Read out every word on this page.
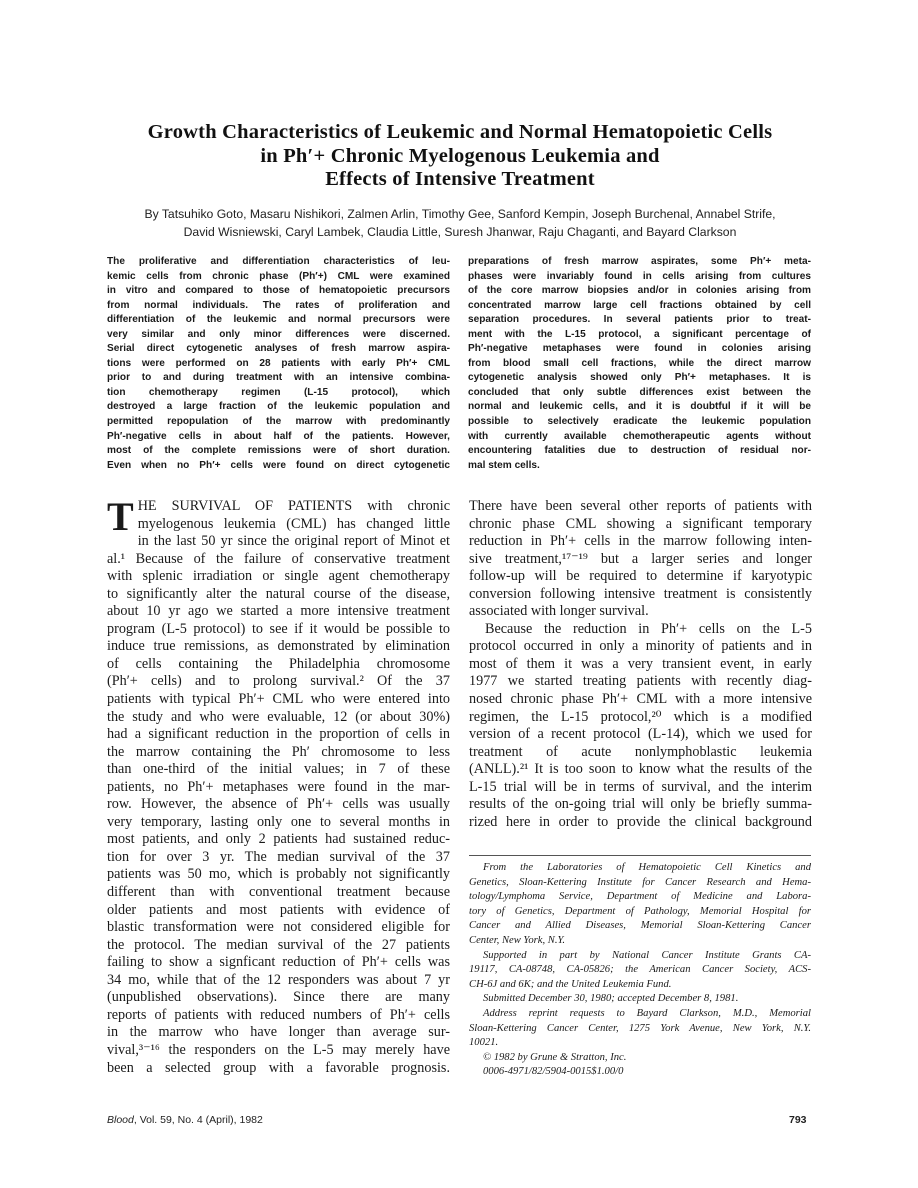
Growth Characteristics of Leukemic and Normal Hematopoietic Cells
in Ph′+ Chronic Myelogenous Leukemia and
Effects of Intensive Treatment
By Tatsuhiko Goto, Masaru Nishikori, Zalmen Arlin, Timothy Gee, Sanford Kempin, Joseph Burchenal, Annabel Strife,
David Wisniewski, Caryl Lambek, Claudia Little, Suresh Jhanwar, Raju Chaganti, and Bayard Clarkson
The proliferative and differentiation characteristics of leu-
kemic cells from chronic phase (Ph′+) CML were examined
in vitro and compared to those of hematopoietic precursors
from normal individuals. The rates of proliferation and
differentiation of the leukemic and normal precursors were
very similar and only minor differences were discerned.
Serial direct cytogenetic analyses of fresh marrow aspira-
tions were performed on 28 patients with early Ph′+ CML
prior to and during treatment with an intensive combina-
tion chemotherapy regimen (L-15 protocol), which
destroyed a large fraction of the leukemic population and
permitted repopulation of the marrow with predominantly
Ph′-negative cells in about half of the patients. However,
most of the complete remissions were of short duration.
Even when no Ph′+ cells were found on direct cytogenetic
preparations of fresh marrow aspirates, some Ph′+ meta-
phases were invariably found in cells arising from cultures
of the core marrow biopsies and/or in colonies arising from
concentrated marrow large cell fractions obtained by cell
separation procedures. In several patients prior to treat-
ment with the L-15 protocol, a significant percentage of
Ph′-negative metaphases were found in colonies arising
from blood small cell fractions, while the direct marrow
cytogenetic analysis showed only Ph′+ metaphases. It is
concluded that only subtle differences exist between the
normal and leukemic cells, and it is doubtful if it will be
possible to selectively eradicate the leukemic population
with currently available chemotherapeutic agents without
encountering fatalities due to destruction of residual nor-
mal stem cells.
T HE SURVIVAL OF PATIENTS with chronic
myelogenous leukemia (CML) has changed little
in the last 50 yr since the original report of Minot et
al.¹ Because of the failure of conservative treatment
with splenic irradiation or single agent chemotherapy
to significantly alter the natural course of the disease,
about 10 yr ago we started a more intensive treatment
program (L-5 protocol) to see if it would be possible to
induce true remissions, as demonstrated by elimination
of cells containing the Philadelphia chromosome
(Ph′+ cells) and to prolong survival.² Of the 37
patients with typical Ph′+ CML who were entered into
the study and who were evaluable, 12 (or about 30%)
had a significant reduction in the proportion of cells in
the marrow containing the Ph′ chromosome to less
than one-third of the initial values; in 7 of these
patients, no Ph′+ metaphases were found in the mar-
row. However, the absence of Ph′+ cells was usually
very temporary, lasting only one to several months in
most patients, and only 2 patients had sustained reduc-
tion for over 3 yr. The median survival of the 37
patients was 50 mo, which is probably not significantly
different than with conventional treatment because
older patients and most patients with evidence of
blastic transformation were not considered eligible for
the protocol. The median survival of the 27 patients
failing to show a signficant reduction of Ph′+ cells was
34 mo, while that of the 12 responders was about 7 yr
(unpublished observations). Since there are many
reports of patients with reduced numbers of Ph′+ cells
in the marrow who have longer than average sur-
vival,³⁻¹⁶ the responders on the L-5 may merely have
been a selected group with a favorable prognosis.
There have been several other reports of patients with
chronic phase CML showing a significant temporary
reduction in Ph′+ cells in the marrow following inten-
sive treatment,¹⁷⁻¹⁹ but a larger series and longer
follow-up will be required to determine if karyotypic
conversion following intensive treatment is consistently
associated with longer survival.
Because the reduction in Ph′+ cells on the L-5
protocol occurred in only a minority of patients and in
most of them it was a very transient event, in early
1977 we started treating patients with recently diag-
nosed chronic phase Ph′+ CML with a more intensive
regimen, the L-15 protocol,²⁰ which is a modified
version of a recent protocol (L-14), which we used for
treatment of acute nonlymphoblastic leukemia
(ANLL).²¹ It is too soon to know what the results of the
L-15 trial will be in terms of survival, and the interim
results of the on-going trial will only be briefly summa-
rized here in order to provide the clinical background
From the Laboratories of Hematopoietic Cell Kinetics and
Genetics, Sloan-Kettering Institute for Cancer Research and Hema-
tology/Lymphoma Service, Department of Medicine and Labora-
tory of Genetics, Department of Pathology, Memorial Hospital for
Cancer and Allied Diseases, Memorial Sloan-Kettering Cancer
Center, New York, N.Y.
Supported in part by National Cancer Institute Grants CA-
19117, CA-08748, CA-05826; the American Cancer Society, ACS-
CH-6J and 6K; and the United Leukemia Fund.
Submitted December 30, 1980; accepted December 8, 1981.
Address reprint requests to Bayard Clarkson, M.D., Memorial
Sloan-Kettering Cancer Center, 1275 York Avenue, New York, N.Y.
10021.
© 1982 by Grune & Stratton, Inc.
0006-4971/82/5904-0015$1.00/0
Blood, Vol. 59, No. 4 (April), 1982	793
